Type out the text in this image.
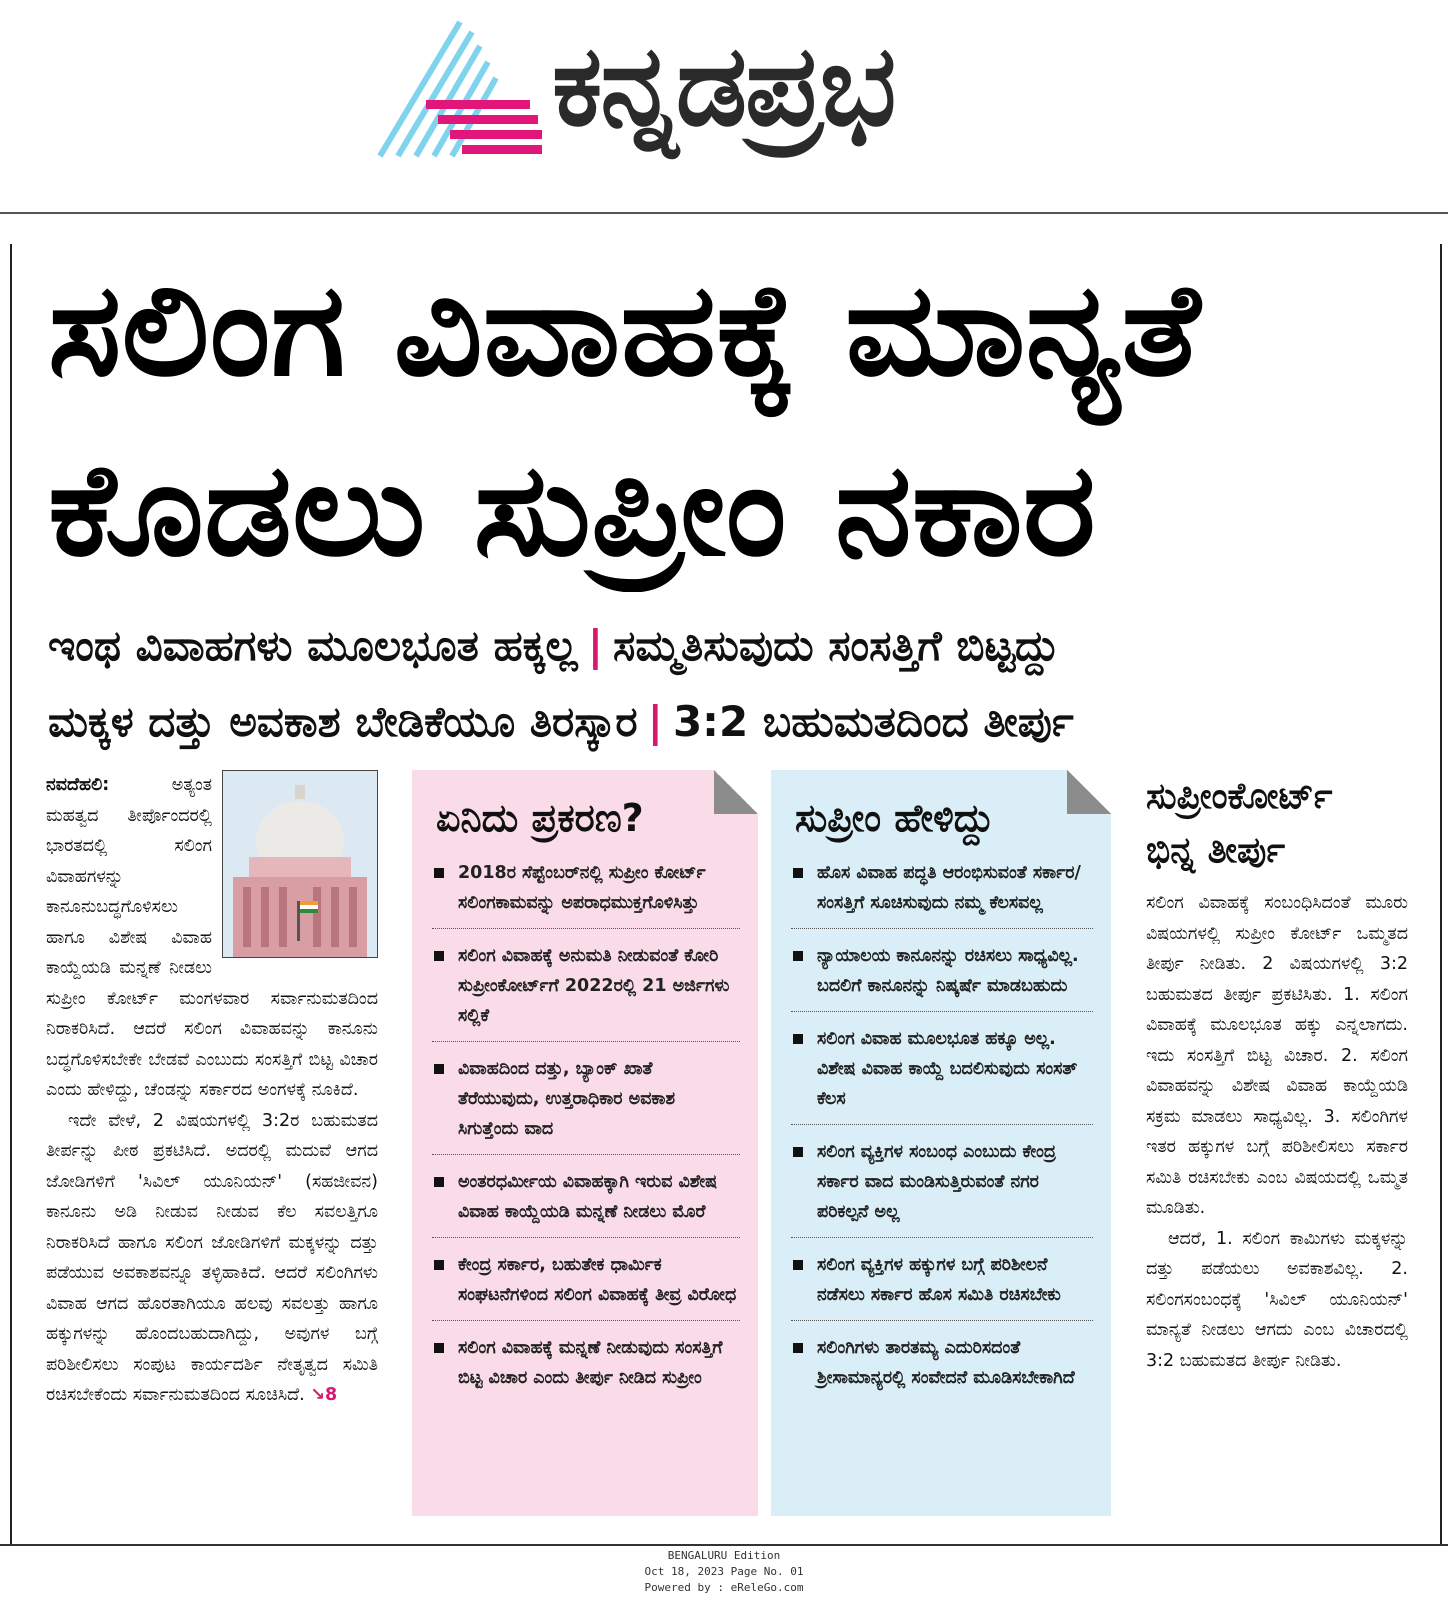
ಕನ್ನಡಪ್ರಭ
ಸಲಿಂಗ ವಿವಾಹಕ್ಕೆ ಮಾನ್ಯತೆ
ಕೊಡಲು ಸುಪ್ರೀಂ ನಕಾರ
ಇಂಥ ವಿವಾಹಗಳು ಮೂಲಭೂತ ಹಕ್ಕಲ್ಲ | ಸಮ್ಮತಿಸುವುದು ಸಂಸತ್ತಿಗೆ ಬಿಟ್ಟದ್ದು
ಮಕ್ಕಳ ದತ್ತು ಅವಕಾಶ ಬೇಡಿಕೆಯೂ ತಿರಸ್ಕಾರ | 3:2 ಬಹುಮತದಿಂದ ತೀರ್ಪು
ನವದೆಹಲಿ:	ಅತ್ಯಂತ ಮಹತ್ವದ ತೀರ್ಪೊಂದರಲ್ಲಿ ಭಾರತದಲ್ಲಿ ಸಲಿಂಗ ವಿವಾಹಗಳನ್ನು ಕಾನೂನುಬದ್ಧಗೊಳಿಸಲು ಹಾಗೂ ವಿಶೇಷ ವಿವಾಹ ಕಾಯ್ದೆಯಡಿ ಮನ್ನಣೆ ನೀಡಲು ಸುಪ್ರೀಂ ಕೋರ್ಟ್ ಮಂಗಳವಾರ ಸರ್ವಾನುಮತದಿಂದ ನಿರಾಕರಿಸಿದೆ. ಆದರೆ ಸಲಿಂಗ ವಿವಾಹವನ್ನು ಕಾನೂನು ಬದ್ಧಗೊಳಿಸಬೇಕೇ ಬೇಡವೆ ಎಂಬುದು ಸಂಸತ್ತಿಗೆ ಬಿಟ್ಟ ವಿಚಾರ ಎಂದು ಹೇಳಿದ್ದು, ಚೆಂಡನ್ನು ಸರ್ಕಾರದ ಅಂಗಳಕ್ಕೆ ನೂಕಿದೆ.
ಇದೇ ವೇಳೆ, 2 ವಿಷಯಗಳಲ್ಲಿ 3:2ರ ಬಹುಮತದ ತೀರ್ಪನ್ನು ಪೀಠ ಪ್ರಕಟಿಸಿದೆ. ಅದರಲ್ಲಿ ಮದುವೆ ಆಗದ ಜೋಡಿಗಳಿಗೆ 'ಸಿವಿಲ್ ಯೂನಿಯನ್' (ಸಹಜೀವನ) ಕಾನೂನು ಅಡಿ ನೀಡುವ ನೀಡುವ ಕೆಲ ಸವಲತ್ತಿಗೂ ನಿರಾಕರಿಸಿದೆ ಹಾಗೂ ಸಲಿಂಗ ಜೋಡಿಗಳಿಗೆ ಮಕ್ಕಳನ್ನು ದತ್ತು ಪಡೆಯುವ ಅವಕಾಶವನ್ನೂ ತಳ್ಳಿಹಾಕಿದೆ. ಆದರೆ ಸಲಿಂಗಿಗಳು ವಿವಾಹ ಆಗದ ಹೊರತಾಗಿಯೂ ಹಲವು ಸವಲತ್ತು ಹಾಗೂ ಹಕ್ಕುಗಳನ್ನು ಹೊಂದಬಹುದಾಗಿದ್ದು, ಅವುಗಳ ಬಗ್ಗೆ ಪರಿಶೀಲಿಸಲು ಸಂಪುಟ ಕಾರ್ಯದರ್ಶಿ ನೇತೃತ್ವದ ಸಮಿತಿ ರಚಿಸಬೇಕೆಂದು ಸರ್ವಾನುಮತದಿಂದ ಸೂಚಿಸಿದೆ. ↘8
ಏನಿದು ಪ್ರಕರಣ?
2018ರ ಸೆಪ್ಟೆಂಬರ್‌ನಲ್ಲಿ ಸುಪ್ರೀಂ ಕೋರ್ಟ್ ಸಲಿಂಗಕಾಮವನ್ನು ಅಪರಾಧಮುಕ್ತಗೊಳಿಸಿತ್ತು
ಸಲಿಂಗ ವಿವಾಹಕ್ಕೆ ಅನುಮತಿ ನೀಡುವಂತೆ ಕೋರಿ ಸುಪ್ರೀಂಕೋರ್ಟ್‌ಗೆ 2022ರಲ್ಲಿ 21 ಅರ್ಜಿಗಳು ಸಲ್ಲಿಕೆ
ವಿವಾಹದಿಂದ ದತ್ತು, ಬ್ಯಾಂಕ್ ಖಾತೆ ತೆರೆಯುವುದು, ಉತ್ತರಾಧಿಕಾರ ಅವಕಾಶ ಸಿಗುತ್ತೆಂದು ವಾದ
ಅಂತರಧರ್ಮೀಯ ವಿವಾಹಕ್ಕಾಗಿ ಇರುವ ವಿಶೇಷ ವಿವಾಹ ಕಾಯ್ದೆಯಡಿ ಮನ್ನಣೆ ನೀಡಲು ಮೊರೆ
ಕೇಂದ್ರ ಸರ್ಕಾರ, ಬಹುತೇಕ ಧಾರ್ಮಿಕ ಸಂಘಟನೆಗಳಿಂದ ಸಲಿಂಗ ವಿವಾಹಕ್ಕೆ ತೀವ್ರ ವಿರೋಧ
ಸಲಿಂಗ ವಿವಾಹಕ್ಕೆ ಮನ್ನಣೆ ನೀಡುವುದು ಸಂಸತ್ತಿಗೆ ಬಿಟ್ಟ ವಿಚಾರ ಎಂದು ತೀರ್ಪು ನೀಡಿದ ಸುಪ್ರೀಂ
ಸುಪ್ರೀಂ ಹೇಳಿದ್ದು
ಹೊಸ ವಿವಾಹ ಪದ್ಧತಿ ಆರಂಭಿಸುವಂತೆ ಸರ್ಕಾರ/ಸಂಸತ್ತಿಗೆ ಸೂಚಿಸುವುದು ನಮ್ಮ ಕೆಲಸವಲ್ಲ
ನ್ಯಾಯಾಲಯ ಕಾನೂನನ್ನು ರಚಿಸಲು ಸಾಧ್ಯವಿಲ್ಲ. ಬದಲಿಗೆ ಕಾನೂನನ್ನು ನಿಷ್ಕರ್ಷೆ ಮಾಡಬಹುದು
ಸಲಿಂಗ ವಿವಾಹ ಮೂಲಭೂತ ಹಕ್ಕೂ ಅಲ್ಲ. ವಿಶೇಷ ವಿವಾಹ ಕಾಯ್ದೆ ಬದಲಿಸುವುದು ಸಂಸತ್ ಕೆಲಸ
ಸಲಿಂಗ ವ್ಯಕ್ತಿಗಳ ಸಂಬಂಧ ಎಂಬುದು ಕೇಂದ್ರ ಸರ್ಕಾರ ವಾದ ಮಂಡಿಸುತ್ತಿರುವಂತೆ ನಗರ ಪರಿಕಲ್ಪನೆ ಅಲ್ಲ
ಸಲಿಂಗ ವ್ಯಕ್ತಿಗಳ ಹಕ್ಕುಗಳ ಬಗ್ಗೆ ಪರಿಶೀಲನೆ ನಡೆಸಲು ಸರ್ಕಾರ ಹೊಸ ಸಮಿತಿ ರಚಿಸಬೇಕು
ಸಲಿಂಗಿಗಳು ತಾರತಮ್ಯ ಎದುರಿಸದಂತೆ ಶ್ರೀಸಾಮಾನ್ಯರಲ್ಲಿ ಸಂವೇದನೆ ಮೂಡಿಸಬೇಕಾಗಿದೆ
ಸುಪ್ರೀಂಕೋರ್ಟ್
ಭಿನ್ನ ತೀರ್ಪು
ಸಲಿಂಗ ವಿವಾಹಕ್ಕೆ ಸಂಬಂಧಿಸಿದಂತೆ ಮೂರು ವಿಷಯಗಳಲ್ಲಿ ಸುಪ್ರೀಂ ಕೋರ್ಟ್ ಒಮ್ಮತದ ತೀರ್ಪು ನೀಡಿತು. 2 ವಿಷಯಗಳಲ್ಲಿ 3:2 ಬಹುಮತದ ತೀರ್ಪು ಪ್ರಕಟಿಸಿತು. 1. ಸಲಿಂಗ ವಿವಾಹಕ್ಕೆ ಮೂಲಭೂತ ಹಕ್ಕು ಎನ್ನಲಾಗದು. ಇದು ಸಂಸತ್ತಿಗೆ ಬಿಟ್ಟ ವಿಚಾರ. 2. ಸಲಿಂಗ ವಿವಾಹವನ್ನು ವಿಶೇಷ ವಿವಾಹ ಕಾಯ್ದೆಯಡಿ ಸಕ್ರಮ ಮಾಡಲು ಸಾಧ್ಯವಿಲ್ಲ. 3. ಸಲಿಂಗಿಗಳ ಇತರ ಹಕ್ಕುಗಳ ಬಗ್ಗೆ ಪರಿಶೀಲಿಸಲು ಸರ್ಕಾರ ಸಮಿತಿ ರಚಿಸಬೇಕು ಎಂಬ ವಿಷಯದಲ್ಲಿ ಒಮ್ಮತ ಮೂಡಿತು.
ಆದರೆ, 1. ಸಲಿಂಗ ಕಾಮಿಗಳು ಮಕ್ಕಳನ್ನು ದತ್ತು ಪಡೆಯಲು ಅವಕಾಶವಿಲ್ಲ. 2. ಸಲಿಂಗಸಂಬಂಧಕ್ಕೆ 'ಸಿವಿಲ್ ಯೂನಿಯನ್' ಮಾನ್ಯತೆ ನೀಡಲು ಆಗದು ಎಂಬ ವಿಚಾರದಲ್ಲಿ 3:2 ಬಹುಮತದ ತೀರ್ಪು ನೀಡಿತು.
BENGALURU Edition
Oct 18, 2023 Page No. 01
Powered by : eReleGo.com
